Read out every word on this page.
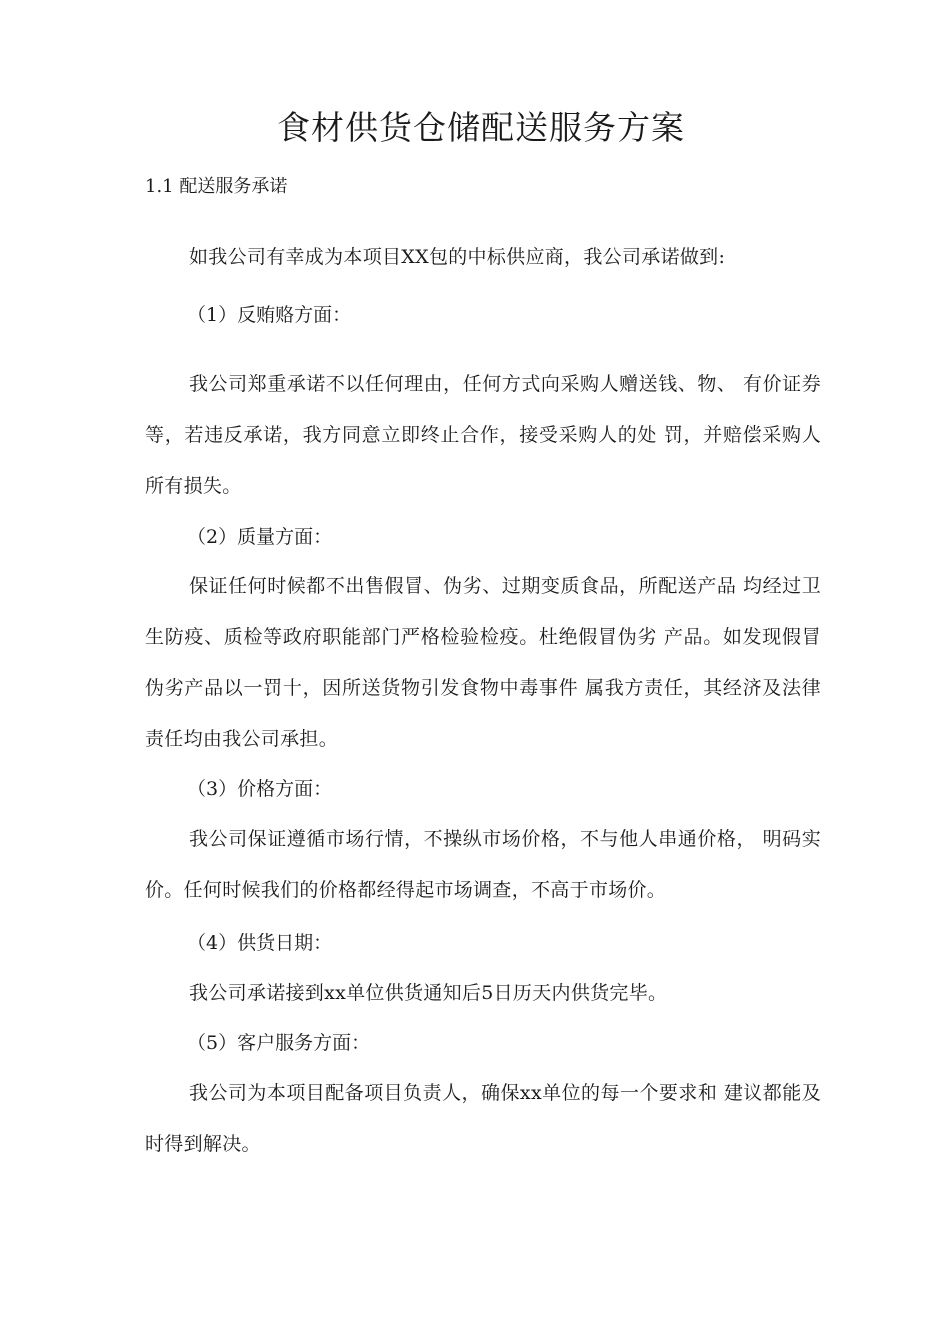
食材供货仓储配送服务方案
1.1 配送服务承诺

如我公司有幸成为本项目XX包的中标供应商，我公司承诺做到:

（1）反贿赂方面：

我公司郑重承诺不以任何理由，任何方式向采购人赠送钱、物、 有价证券等，若违反承诺，我方同意立即终止合作，接受采购人的处 罚，并赔偿采购人所有损失。

（2）质量方面：

保证任何时候都不出售假冒、伪劣、过期变质食品，所配送产品 均经过卫生防疫、质检等政府职能部门严格检验检疫。杜绝假冒伪劣 产品。如发现假冒伪劣产品以一罚十，因所送货物引发食物中毒事件 属我方责任，其经济及法律责任均由我公司承担。

（3）价格方面：

我公司保证遵循市场行情，不操纵市场价格，不与他人串通价格， 明码实价。任何时候我们的价格都经得起市场调查，不高于市场价。

（4）供货日期：

我公司承诺接到xx单位供货通知后5日历天内供货完毕。

（5）客户服务方面：

我公司为本项目配备项目负责人，确保xx单位的每一个要求和 建议都能及时得到解决。
